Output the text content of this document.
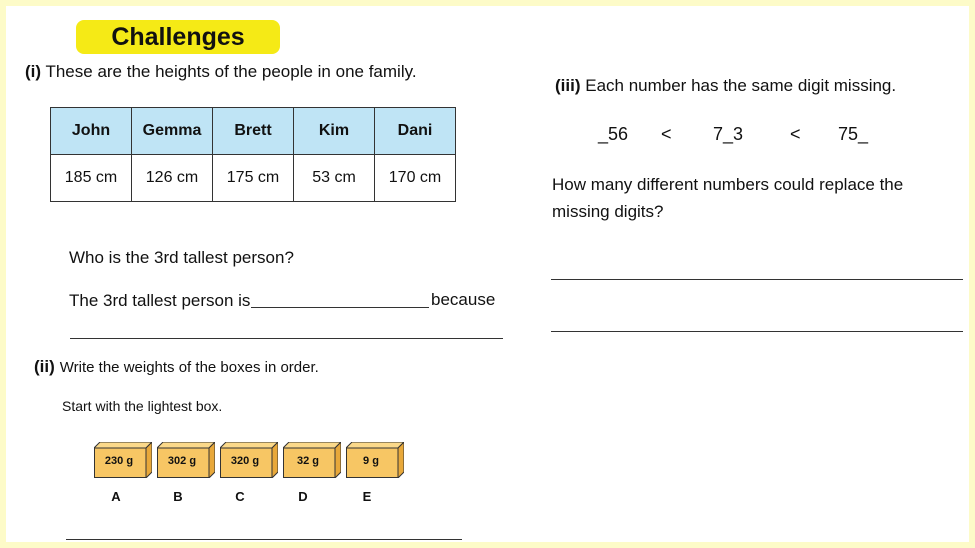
Challenges
(i) These are the heights of the people in one family.
John	Gemma	Brett	Kim	Dani
185 cm	126 cm	175 cm	53 cm	170 cm
Who is the 3rd tallest person?
The 3rd tallest person is	because
(ii) Write the weights of the boxes in order.
Start with the lightest box.
230 g	302 g	320 g	32 g	9 g
A	B	C	D	E
(iii) Each number has the same digit missing.
_56 < 7_3	< 75_
How many different numbers could replace the missing digits?
